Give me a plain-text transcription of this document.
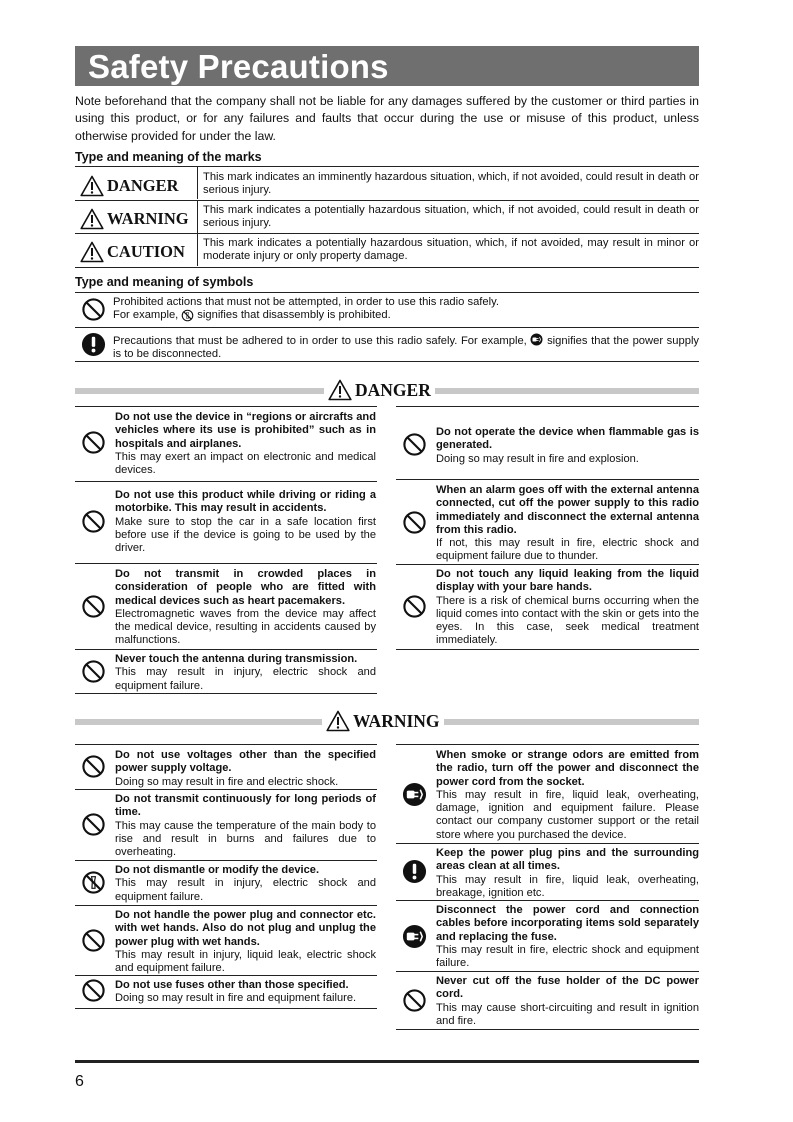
Safety Precautions
Note beforehand that the company shall not be liable for any damages suffered by the customer or third parties in using this product, or for any failures and faults that occur during the use or misuse of this product, unless otherwise provided for under the law.
Type and meaning of the marks
DANGER This mark indicates an imminently hazardous situation, which, if not avoided, could result in death or serious injury.
WARNING This mark indicates a potentially hazardous situation, which, if not avoided, could result in death or serious injury.
CAUTION This mark indicates a potentially hazardous situation, which, if not avoided, may result in minor or moderate injury or only property damage.
Type and meaning of symbols
Prohibited actions that must not be attempted, in order to use this radio safely.
For example, signifies that disassembly is prohibited.
Precautions that must be adhered to in order to use this radio safely. For example, signifies that the power supply is to be disconnected.
DANGER
Do not use the device in “regions or aircrafts and vehicles where its use is prohibited” such as in hospitals and airplanes.
This may exert an impact on electronic and medical devices.
Do not use this product while driving or riding a motorbike. This may result in accidents.
Make sure to stop the car in a safe location first before use if the device is going to be used by the driver.
Do not transmit in crowded places in consideration of people who are fitted with medical devices such as heart pacemakers.
Electromagnetic waves from the device may affect the medical device, resulting in accidents caused by malfunctions.
Never touch the antenna during transmission.
This may result in injury, electric shock and equipment failure.
Do not operate the device when flammable gas is generated.
Doing so may result in fire and explosion.
When an alarm goes off with the external antenna connected, cut off the power supply to this radio immediately and disconnect the external antenna from this radio.
If not, this may result in fire, electric shock and equipment failure due to thunder.
Do not touch any liquid leaking from the liquid display with your bare hands.
There is a risk of chemical burns occurring when the liquid comes into contact with the skin or gets into the eyes. In this case, seek medical treatment immediately.
WARNING
Do not use voltages other than the specified power supply voltage.
Doing so may result in fire and electric shock.
Do not transmit continuously for long periods of time.
This may cause the temperature of the main body to rise and result in burns and failures due to overheating.
Do not dismantle or modify the device.
This may result in injury, electric shock and equipment failure.
Do not handle the power plug and connector etc. with wet hands. Also do not plug and unplug the power plug with wet hands.
This may result in injury, liquid leak, electric shock and equipment failure.
Do not use fuses other than those specified.
Doing so may result in fire and equipment failure.
When smoke or strange odors are emitted from the radio, turn off the power and disconnect the power cord from the socket.
This may result in fire, liquid leak, overheating, damage, ignition and equipment failure. Please contact our company customer support or the retail store where you purchased the device.
Keep the power plug pins and the surrounding areas clean at all times.
This may result in fire, liquid leak, overheating, breakage, ignition etc.
Disconnect the power cord and connection cables before incorporating items sold separately and replacing the fuse.
This may result in fire, electric shock and equipment failure.
Never cut off the fuse holder of the DC power cord.
This may cause short-circuiting and result in ignition and fire.
6
